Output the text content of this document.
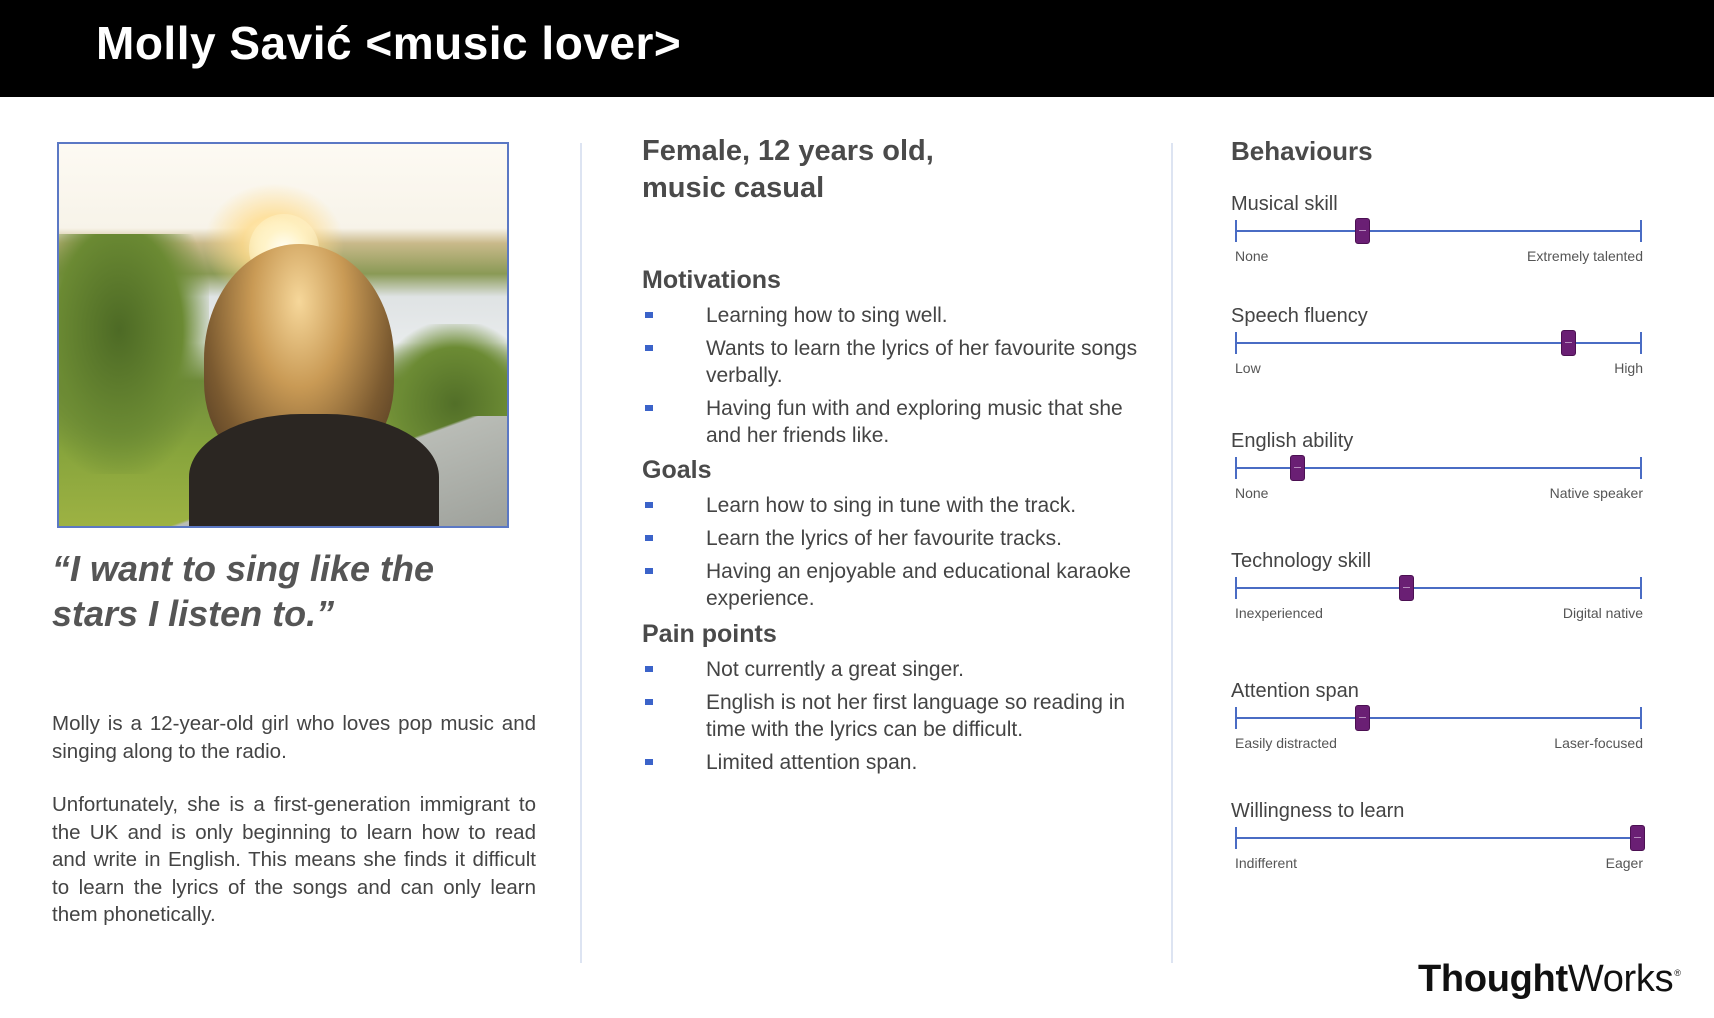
Molly Savić <music lover>

“I want to sing like the stars I listen to.”

Molly is a 12-year-old girl who loves pop music and singing along to the radio.

Unfortunately, she is a first-generation immigrant to the UK and is only beginning to learn how to read and write in English. This means she finds it difficult to learn the lyrics of the songs and can only learn them phonetically.

Female, 12 years old,
music casual

Motivations
Learning how to sing well.
Wants to learn the lyrics of her favourite songs verbally.
Having fun with and exploring music that she and her friends like.
Goals
Learn how to sing in tune with the track.
Learn the lyrics of her favourite tracks.
Having an enjoyable and educational karaoke experience.
Pain points
Not currently a great singer.
English is not her first language so reading in time with the lyrics can be difficult.
Limited attention span.
Behaviours
Musical skill
None	Extremely talented
Speech fluency
Low	High
English ability
None	Native speaker
Technology skill
Inexperienced	Digital native
Attention span
Easily distracted	Laser-focused
Willingness to learn
Indifferent	Eager
ThoughtWorks®
